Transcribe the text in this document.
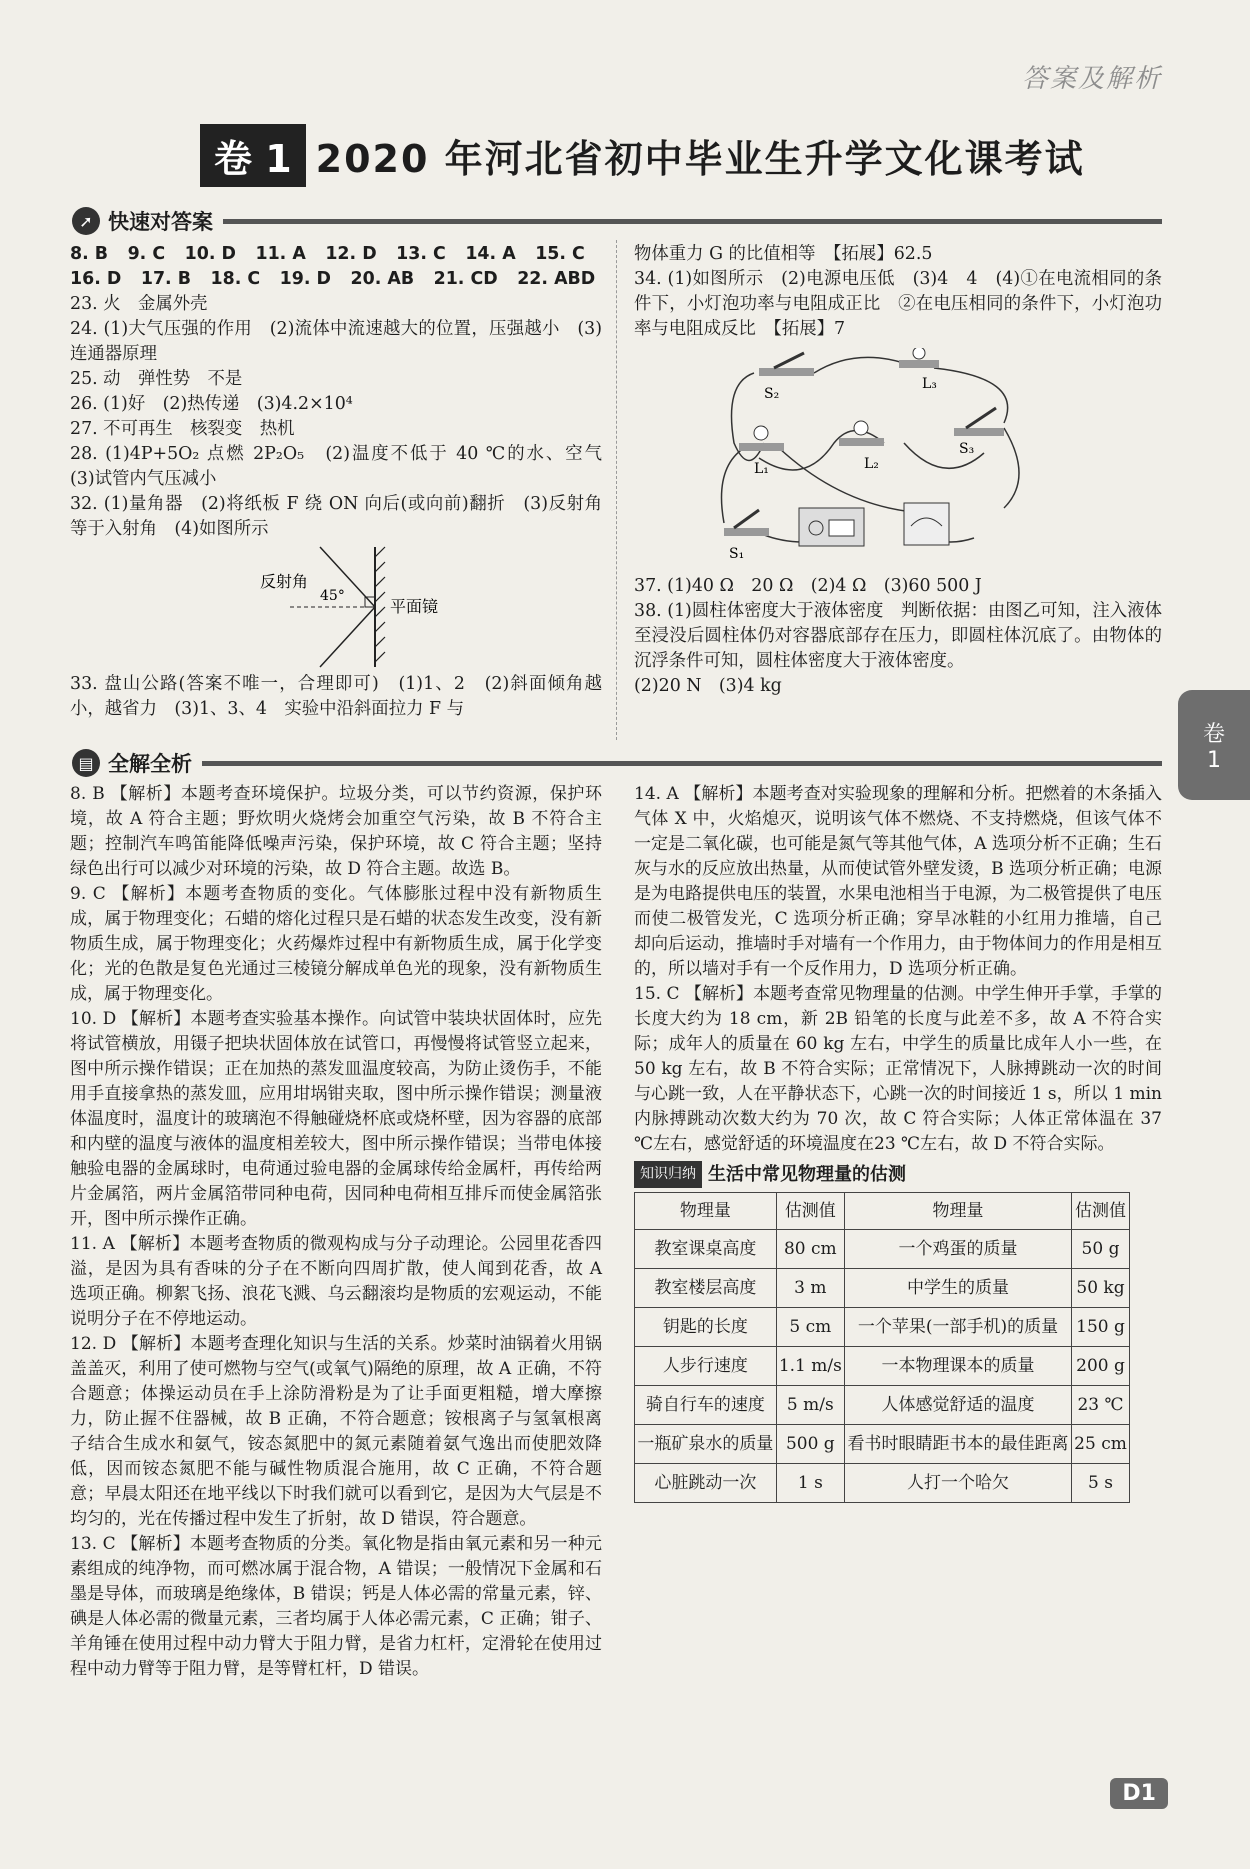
答案及解析
卷 1 2020 年河北省初中毕业生升学文化课考试
➚ 快速对答案
8. B 9. C 10. D 11. A 12. D 13. C 14. A 15. C
16. D 17. B 18. C 19. D 20. AB 21. CD 22. ABD

23. 火　金属外壳

24. (1)大气压强的作用　(2)流体中流速越大的位置，压强越小　(3)连通器原理

25. 动　弹性势　不是

26. (1)好　(2)热传递　(3)4.2×10⁴

27. 不可再生　核裂变　热机

28. (1)4P+5O₂ 点燃 2P₂O₅　(2)温度不低于 40 ℃的水、空气　(3)试管内气压减小

32. (1)量角器　(2)将纸板 F 绕 ON 向后(或向前)翻折　(3)反射角等于入射角　(4)如图所示

反射角
45°
平面镜

33. 盘山公路(答案不唯一，合理即可)　(1)1、2　(2)斜面倾角越小，越省力　(3)1、3、4　实验中沿斜面拉力 F 与

物体重力 G 的比值相等　【拓展】62.5

34. (1)如图所示　(2)电源电压低　(3)4　4　(4)①在电流相同的条件下，小灯泡功率与电阻成正比　②在电压相同的条件下，小灯泡功率与电阻成反比　【拓展】7

S₂
L₃
L₂
S₃
L₁
S₁

37. (1)40 Ω　20 Ω　(2)4 Ω　(3)60 500 J

38. (1)圆柱体密度大于液体密度　判断依据：由图乙可知，注入液体至浸没后圆柱体仍对容器底部存在压力，即圆柱体沉底了。由物体的沉浮条件可知，圆柱体密度大于液体密度。

(2)20 N　(3)4 kg

卷
1
▤ 全解全析

8. B 【解析】本题考查环境保护。垃圾分类，可以节约资源，保护环境，故 A 符合主题；野炊明火烧烤会加重空气污染，故 B 不符合主题；控制汽车鸣笛能降低噪声污染，保护环境，故 C 符合主题；坚持绿色出行可以减少对环境的污染，故 D 符合主题。故选 B。

9. C 【解析】本题考查物质的变化。气体膨胀过程中没有新物质生成，属于物理变化；石蜡的熔化过程只是石蜡的状态发生改变，没有新物质生成，属于物理变化；火药爆炸过程中有新物质生成，属于化学变化；光的色散是复色光通过三棱镜分解成单色光的现象，没有新物质生成，属于物理变化。

10. D 【解析】本题考查实验基本操作。向试管中装块状固体时，应先将试管横放，用镊子把块状固体放在试管口，再慢慢将试管竖立起来，图中所示操作错误；正在加热的蒸发皿温度较高，为防止烫伤手，不能用手直接拿热的蒸发皿，应用坩埚钳夹取，图中所示操作错误；测量液体温度时，温度计的玻璃泡不得触碰烧杯底或烧杯壁，因为容器的底部和内壁的温度与液体的温度相差较大，图中所示操作错误；当带电体接触验电器的金属球时，电荷通过验电器的金属球传给金属杆，再传给两片金属箔，两片金属箔带同种电荷，因同种电荷相互排斥而使金属箔张开，图中所示操作正确。

11. A 【解析】本题考查物质的微观构成与分子动理论。公园里花香四溢，是因为具有香味的分子在不断向四周扩散，使人闻到花香，故 A 选项正确。柳絮飞扬、浪花飞溅、乌云翻滚均是物质的宏观运动，不能说明分子在不停地运动。

12. D 【解析】本题考查理化知识与生活的关系。炒菜时油锅着火用锅盖盖灭，利用了使可燃物与空气(或氧气)隔绝的原理，故 A 正确，不符合题意；体操运动员在手上涂防滑粉是为了让手面更粗糙，增大摩擦力，防止握不住器械，故 B 正确，不符合题意；铵根离子与氢氧根离子结合生成水和氨气，铵态氮肥中的氮元素随着氨气逸出而使肥效降低，因而铵态氮肥不能与碱性物质混合施用，故 C 正确，不符合题意；早晨太阳还在地平线以下时我们就可以看到它，是因为大气层是不均匀的，光在传播过程中发生了折射，故 D 错误，符合题意。

13. C 【解析】本题考查物质的分类。氧化物是指由氧元素和另一种元素组成的纯净物，而可燃冰属于混合物，A 错误；一般情况下金属和石墨是导体，而玻璃是绝缘体，B 错误；钙是人体必需的常量元素，锌、碘是人体必需的微量元素，三者均属于人体必需元素，C 正确；钳子、羊角锤在使用过程中动力臂大于阻力臂，是省力杠杆，定滑轮在使用过程中动力臂等于阻力臂，是等臂杠杆，D 错误。

14. A 【解析】本题考查对实验现象的理解和分析。把燃着的木条插入气体 X 中，火焰熄灭，说明该气体不燃烧、不支持燃烧，但该气体不一定是二氧化碳，也可能是氮气等其他气体，A 选项分析不正确；生石灰与水的反应放出热量，从而使试管外壁发烫，B 选项分析正确；电源是为电路提供电压的装置，水果电池相当于电源，为二极管提供了电压而使二极管发光，C 选项分析正确；穿旱冰鞋的小红用力推墙，自己却向后运动，推墙时手对墙有一个作用力，由于物体间力的作用是相互的，所以墙对手有一个反作用力，D 选项分析正确。

15. C 【解析】本题考查常见物理量的估测。中学生伸开手掌，手掌的长度大约为 18 cm，新 2B 铅笔的长度与此差不多，故 A 不符合实际；成年人的质量在 60 kg 左右，中学生的质量比成年人小一些，在 50 kg 左右，故 B 不符合实际；正常情况下，人脉搏跳动一次的时间与心跳一致，人在平静状态下，心跳一次的时间接近 1 s，所以 1 min 内脉搏跳动次数大约为 70 次，故 C 符合实际；人体正常体温在 37 ℃左右，感觉舒适的环境温度在23 ℃左右，故 D 不符合实际。

知识归纳 生活中常见物理量的估测
物理量	估测值	物理量	估测值
教室课桌高度	80 cm	一个鸡蛋的质量	50 g
教室楼层高度	3 m	中学生的质量	50 kg
钥匙的长度	5 cm	一个苹果(一部手机)的质量	150 g
人步行速度	1.1 m/s	一本物理课本的质量	200 g
骑自行车的速度	5 m/s	人体感觉舒适的温度	23 ℃
一瓶矿泉水的质量	500 g	看书时眼睛距书本的最佳距离	25 cm
心脏跳动一次	1 s	人打一个哈欠	5 s
D1
